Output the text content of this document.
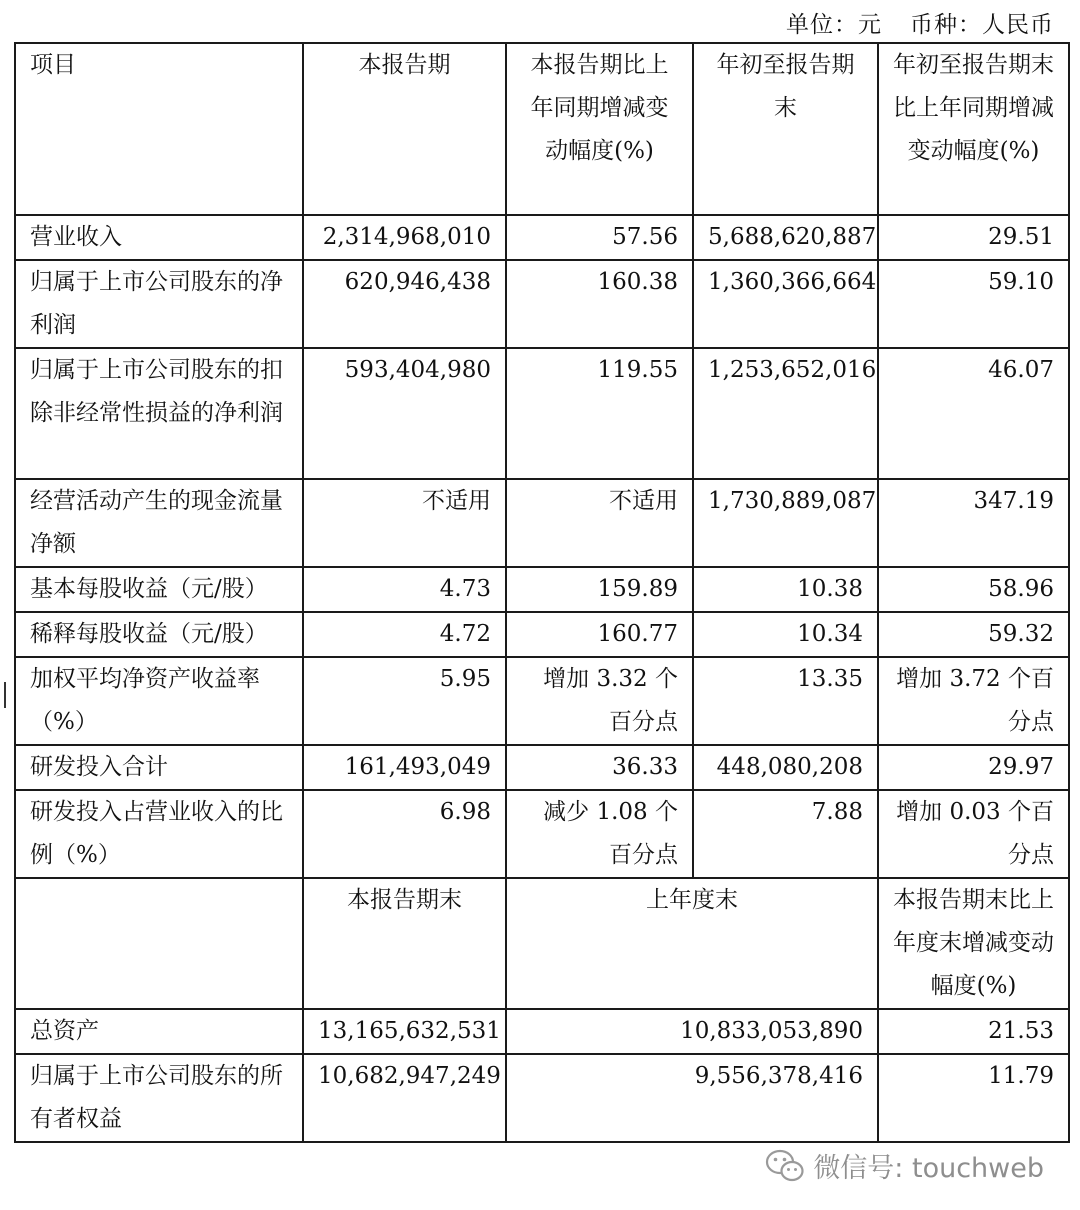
单位：元 币种：人民币
项目	本报告期	本报告期比上年同期增减变动幅度(%)	年初至报告期末	年初至报告期末比上年同期增减变动幅度(%)
营业收入	2,314,968,010	57.56	5,688,620,887	29.51
归属于上市公司股东的净利润	620,946,438	160.38	1,360,366,664	59.10
归属于上市公司股东的扣除非经常性损益的净利润	593,404,980	119.55	1,253,652,016	46.07
经营活动产生的现金流量净额	不适用	不适用	1,730,889,087	347.19
基本每股收益（元/股）	4.73	159.89	10.38	58.96
稀释每股收益（元/股）	4.72	160.77	10.34	59.32
加权平均净资产收益率（%）	5.95	增加 3.32 个百分点	13.35	增加 3.72 个百分点
研发投入合计	161,493,049	36.33	448,080,208	29.97
研发投入占营业收入的比例（%）	6.98	减少 1.08 个百分点	7.88	增加 0.03 个百分点
	本报告期末	上年度末		本报告期末比上年度末增减变动幅度(%)
总资产	13,165,632,531	10,833,053,890		21.53
归属于上市公司股东的所有者权益	10,682,947,249	9,556,378,416		11.79
微信号: touchweb
